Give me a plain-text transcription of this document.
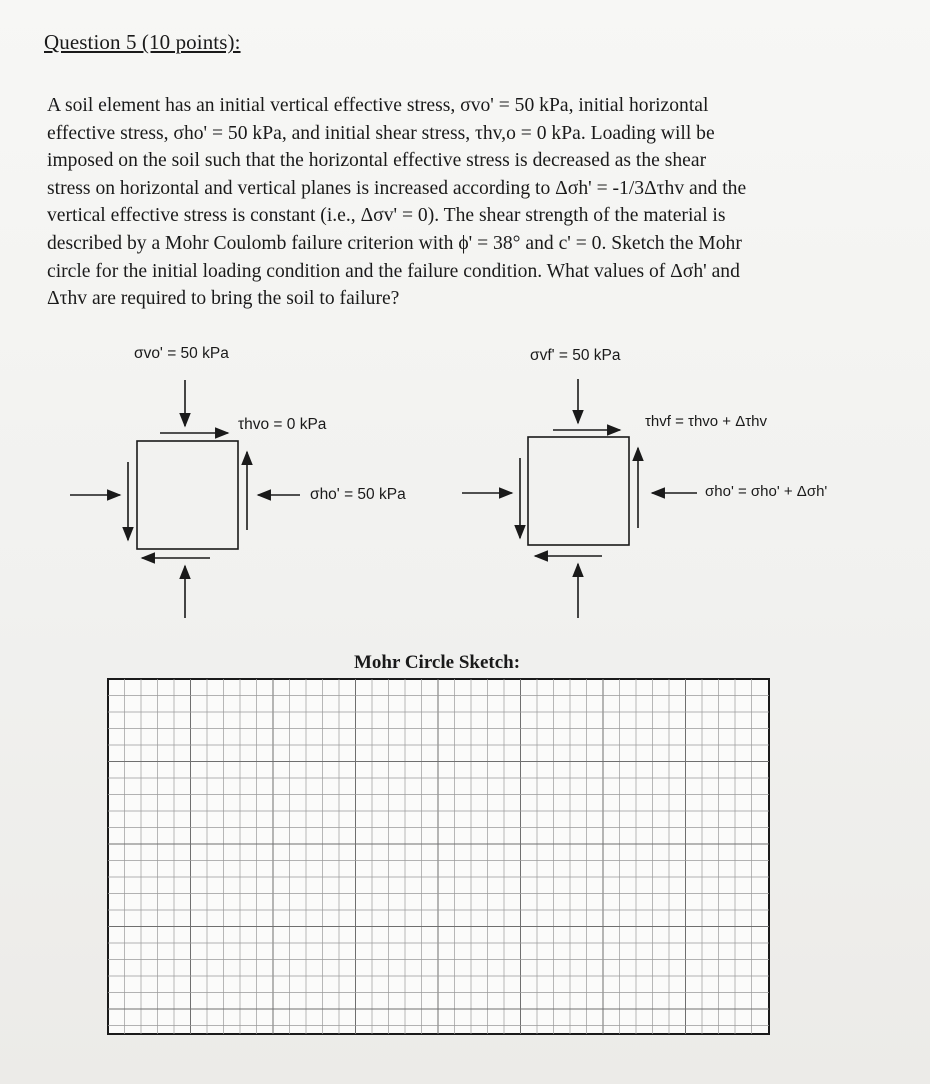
Question 5 (10 points):
A soil element has an initial vertical effective stress, σvo' = 50 kPa, initial horizontal
effective stress, σho' = 50 kPa, and initial shear stress, τhv,o = 0 kPa. Loading will be
imposed on the soil such that the horizontal effective stress is decreased as the shear
stress on horizontal and vertical planes is increased according to Δσh' = -1/3Δτhv and the
vertical effective stress is constant (i.e., Δσv' = 0). The shear strength of the material is
described by a Mohr Coulomb failure criterion with ϕ' = 38° and c' = 0. Sketch the Mohr
circle for the initial loading condition and the failure condition. What values of Δσh' and
Δτhv are required to bring the soil to failure?
σvo' = 50 kPa
τhvo = 0 kPa
σho' = 50 kPa
σvf' = 50 kPa
τhvf = τhvo + Δτhv
σho' = σho' + Δσh'
Mohr Circle Sketch:
